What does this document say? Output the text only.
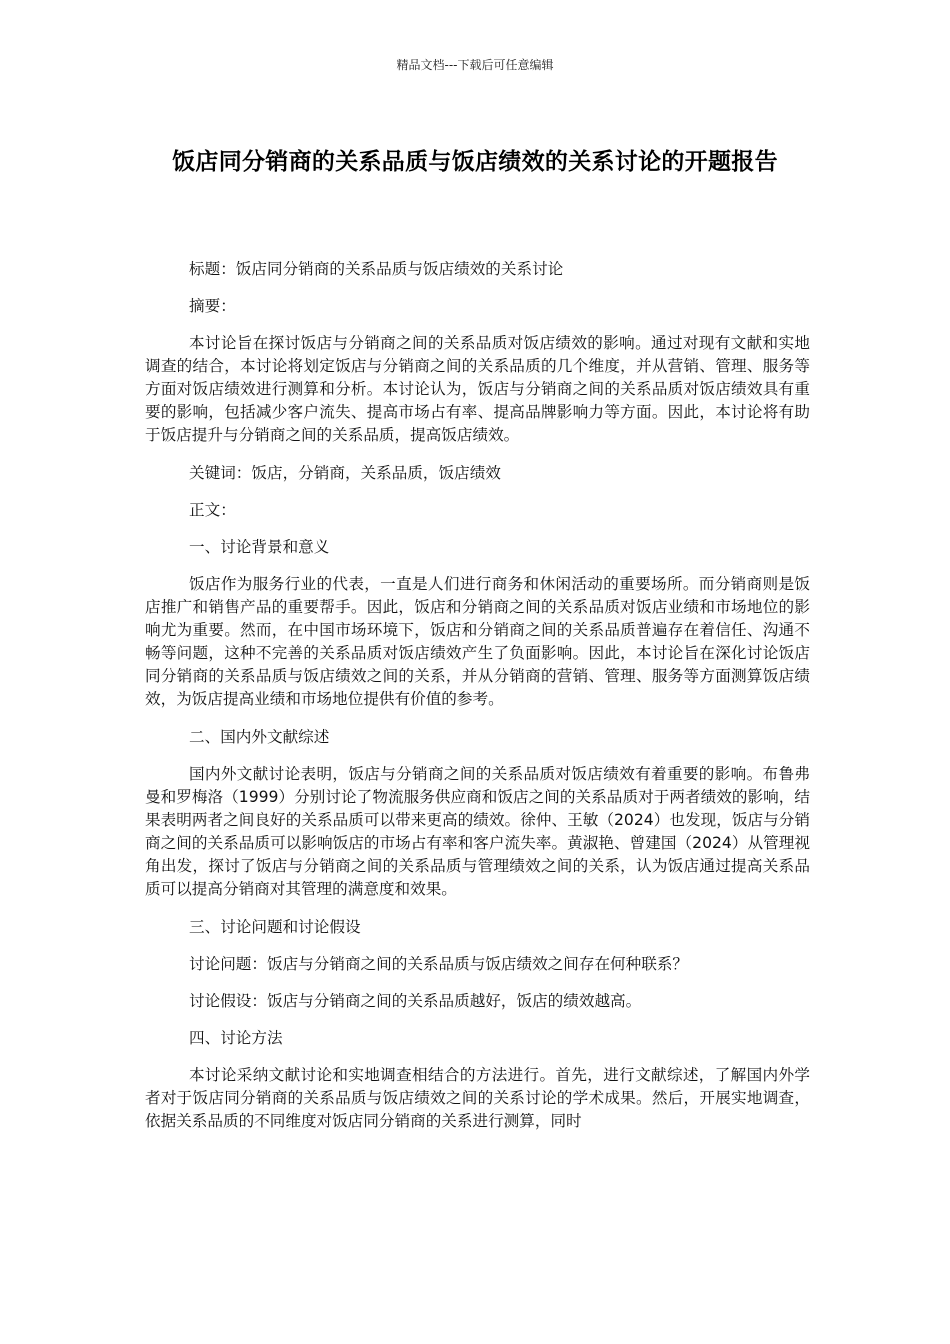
精品文档---下载后可任意编辑
饭店同分销商的关系品质与饭店绩效的关系讨论的开题报告

标题：饭店同分销商的关系品质与饭店绩效的关系讨论

摘要：

本讨论旨在探讨饭店与分销商之间的关系品质对饭店绩效的影响。通过对现有文献和实地调查的结合，本讨论将划定饭店与分销商之间的关系品质的几个维度，并从营销、管理、服务等方面对饭店绩效进行测算和分析。本讨论认为，饭店与分销商之间的关系品质对饭店绩效具有重要的影响，包括减少客户流失、提高市场占有率、提高品牌影响力等方面。因此，本讨论将有助于饭店提升与分销商之间的关系品质，提高饭店绩效。

关键词：饭店，分销商，关系品质，饭店绩效

正文：

一、讨论背景和意义

饭店作为服务行业的代表，一直是人们进行商务和休闲活动的重要场所。而分销商则是饭店推广和销售产品的重要帮手。因此，饭店和分销商之间的关系品质对饭店业绩和市场地位的影响尤为重要。然而，在中国市场环境下，饭店和分销商之间的关系品质普遍存在着信任、沟通不畅等问题，这种不完善的关系品质对饭店绩效产生了负面影响。因此，本讨论旨在深化讨论饭店同分销商的关系品质与饭店绩效之间的关系，并从分销商的营销、管理、服务等方面测算饭店绩效，为饭店提高业绩和市场地位提供有价值的参考。

二、国内外文献综述

国内外文献讨论表明，饭店与分销商之间的关系品质对饭店绩效有着重要的影响。布鲁弗曼和罗梅洛（1999）分别讨论了物流服务供应商和饭店之间的关系品质对于两者绩效的影响，结果表明两者之间良好的关系品质可以带来更高的绩效。徐仲、王敏（2024）也发现，饭店与分销商之间的关系品质可以影响饭店的市场占有率和客户流失率。黄淑艳、曾建国（2024）从管理视角出发，探讨了饭店与分销商之间的关系品质与管理绩效之间的关系，认为饭店通过提高关系品质可以提高分销商对其管理的满意度和效果。

三、讨论问题和讨论假设

讨论问题：饭店与分销商之间的关系品质与饭店绩效之间存在何种联系？

讨论假设：饭店与分销商之间的关系品质越好，饭店的绩效越高。

四、讨论方法

本讨论采纳文献讨论和实地调查相结合的方法进行。首先，进行文献综述，了解国内外学者对于饭店同分销商的关系品质与饭店绩效之间的关系讨论的学术成果。然后，开展实地调查，依据关系品质的不同维度对饭店同分销商的关系进行测算，同时
